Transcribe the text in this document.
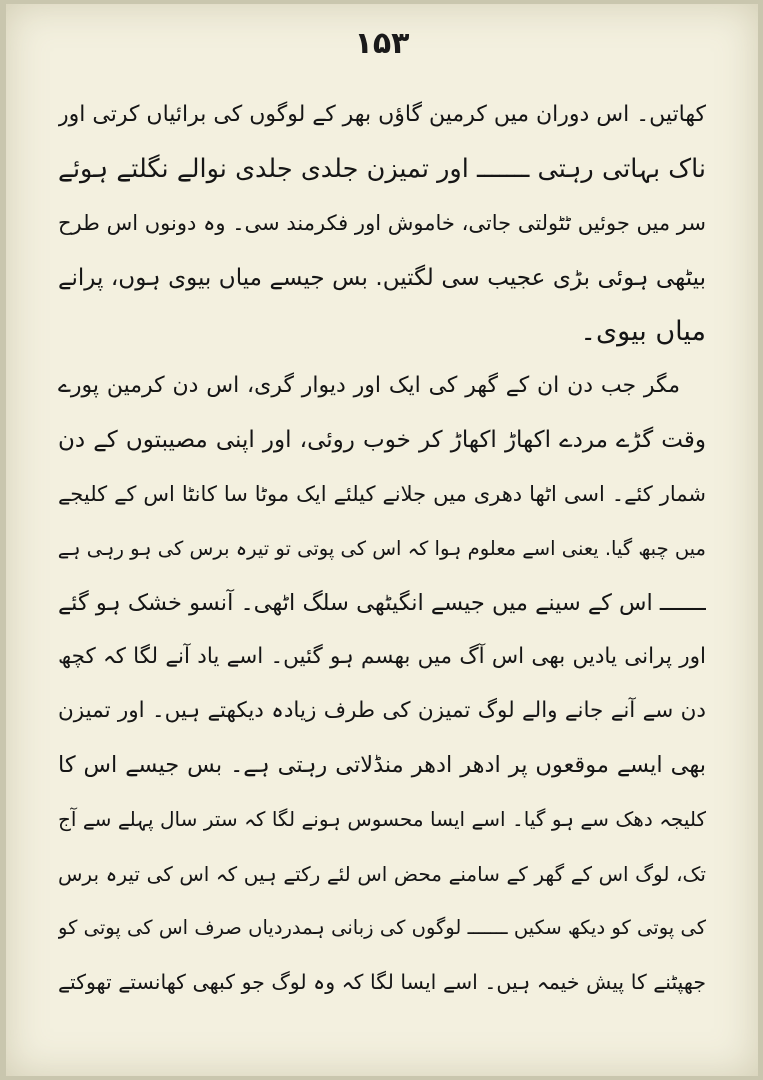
۱۵۳
کھاتیں۔ اس دوران میں کرمین گاؤں بھر کے لوگوں کی برائیاں کرتی اور
ناک بہاتی رہتی ـــــــ اور تمیزن جلدی جلدی نوالے نگلتے ہوئے
سر میں جوئیں ٹٹولتی جاتی، خاموش اور فکرمند سی۔ وہ دونوں اس طرح
بیٹھی ہوئی بڑی عجیب سی لگتیں. بس جیسے میاں بیوی ہوں، پرانے
میاں بیوی۔
مگر جب دن ان کے گھر کی ایک اور دیوار گری، اس دن کرمین پورے
وقت گڑے مردے اکھاڑ اکھاڑ کر خوب روئی، اور اپنی مصیبتوں کے دن
شمار کئے۔ اسی اٹھا دھری میں جلانے کیلئے ایک موٹا سا کانٹا اس کے کلیجے
میں چبھ گیا. یعنی اسے معلوم ہوا کہ اس کی پوتی تو تیرہ برس کی ہو رہی ہے
ـــــــ اس کے سینے میں جیسے انگیٹھی سلگ اٹھی۔ آنسو خشک ہو گئے
اور پرانی یادیں بھی اس آگ میں بھسم ہو گئیں۔ اسے یاد آنے لگا کہ کچھ
دن سے آنے جانے والے لوگ تمیزن کی طرف زیادہ دیکھتے ہیں۔ اور تمیزن
بھی ایسے موقعوں پر ادھر ادھر منڈلاتی رہتی ہے۔ بس جیسے اس کا
کلیجہ دھک سے ہو گیا۔ اسے ایسا محسوس ہونے لگا کہ ستر سال پہلے سے آج
تک، لوگ اس کے گھر کے سامنے محض اس لئے رکتے ہیں کہ اس کی تیرہ برس
کی پوتی کو دیکھ سکیں ـــــــ لوگوں کی زبانی ہمدردیاں صرف اس کی پوتی کو
جھپٹنے کا پیش خیمہ ہیں۔ اسے ایسا لگا کہ وہ لوگ جو کبھی کھانستے تھوکتے
